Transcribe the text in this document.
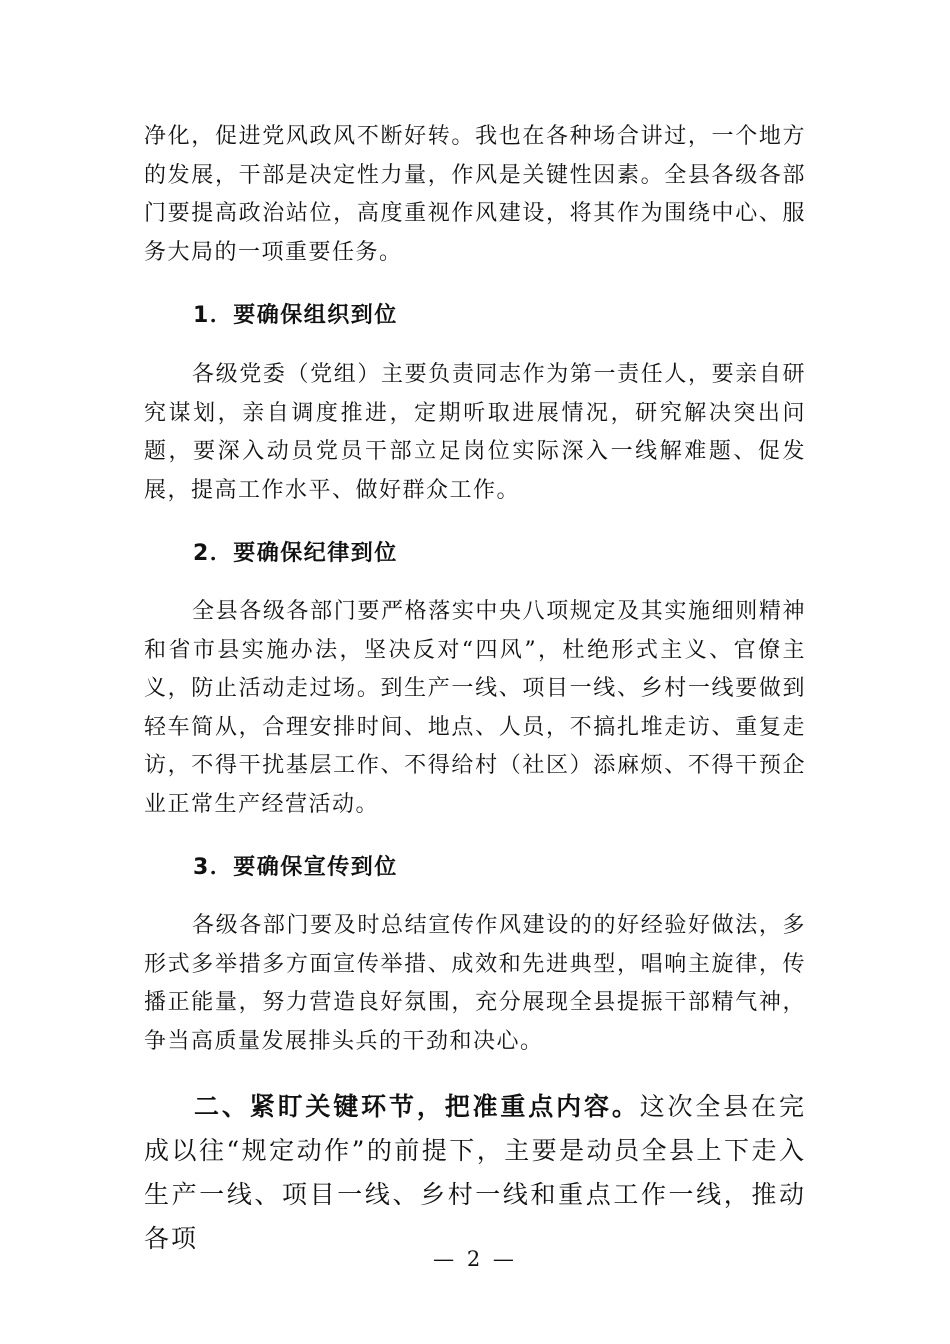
净化，促进党风政风不断好转。我也在各种场合讲过，一个地方的发展，干部是决定性力量，作风是关键性因素。全县各级各部门要提高政治站位，高度重视作风建设，将其作为围绕中心、服务大局的一项重要任务。

1．要确保组织到位

各级党委（党组）主要负责同志作为第一责任人，要亲自研究谋划，亲自调度推进，定期听取进展情况，研究解决突出问题，要深入动员党员干部立足岗位实际深入一线解难题、促发展，提高工作水平、做好群众工作。

2．要确保纪律到位

全县各级各部门要严格落实中央八项规定及其实施细则精神和省市县实施办法，坚决反对“四风”，杜绝形式主义、官僚主义，防止活动走过场。到生产一线、项目一线、乡村一线要做到轻车简从，合理安排时间、地点、人员，不搞扎堆走访、重复走访，不得干扰基层工作、不得给村（社区）添麻烦、不得干预企业正常生产经营活动。

3．要确保宣传到位

各级各部门要及时总结宣传作风建设的的好经验好做法，多形式多举措多方面宣传举措、成效和先进典型，唱响主旋律，传播正能量，努力营造良好氛围，充分展现全县提振干部精气神，争当高质量发展排头兵的干劲和决心。

二、紧盯关键环节，把准重点内容。这次全县在完成以往“规定动作”的前提下，主要是动员全县上下走入生产一线、项目一线、乡村一线和重点工作一线，推动各项

— 2 —
